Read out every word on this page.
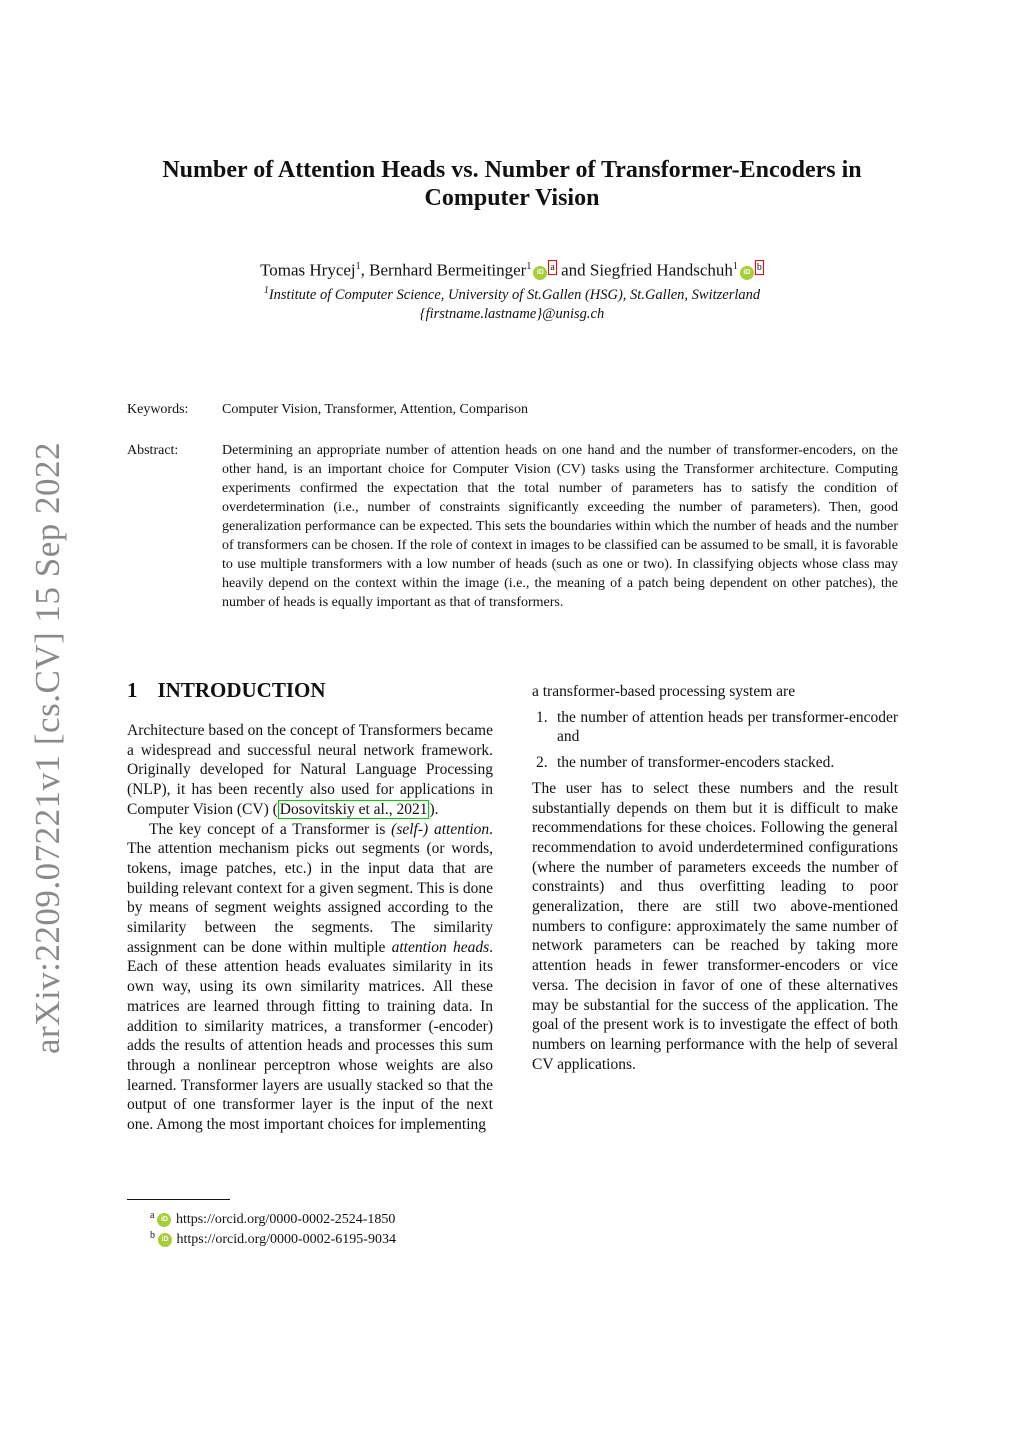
arXiv:2209.07221v1 [cs.CV] 15 Sep 2022
Number of Attention Heads vs. Number of Transformer-Encoders in Computer Vision
Tomas Hrycej$^1$, Bernhard Bermeitinger$^1$iD a and Siegfried Handschuh$^1$iD b
$^1$Institute of Computer Science, University of St.Gallen (HSG), St.Gallen, Switzerland
{firstname.lastname}@unisg.ch
Keywords: Computer Vision, Transformer, Attention, Comparison
Abstract:	Determining an appropriate number of attention heads on one hand and the number of transformer-encoders, on the other hand, is an important choice for Computer Vision (CV) tasks using the Transformer architecture. Computing experiments confirmed the expectation that the total number of parameters has to satisfy the condition of overdetermination (i.e., number of constraints significantly exceeding the number of parameters). Then, good generalization performance can be expected. This sets the boundaries within which the number of heads and the number of transformers can be chosen. If the role of context in images to be classified can be assumed to be small, it is favorable to use multiple transformers with a low number of heads (such as one or two). In classifying objects whose class may heavily depend on the context within the image (i.e., the meaning of a patch being dependent on other patches), the number of heads is equally important as that of transformers.
1 INTRODUCTION

Architecture based on the concept of Transformers became a widespread and successful neural network framework. Originally developed for Natural Language Processing (NLP), it has been recently also used for applications in Computer Vision (CV) ( Dosovitskiy et al., 2021 ).

The key concept of a Transformer is (self-) attention. The attention mechanism picks out segments (or words, tokens, image patches, etc.) in the input data that are building relevant context for a given segment. This is done by means of segment weights assigned according to the similarity between the segments. The similarity assignment can be done within multiple attention heads. Each of these attention heads evaluates similarity in its own way, using its own similarity matrices. All these matrices are learned through fitting to training data. In addition to similarity matrices, a transformer (-encoder) adds the results of attention heads and processes this sum through a nonlinear perceptron whose weights are also learned. Transformer layers are usually stacked so that the output of one transformer layer is the input of the next one. Among the most important choices for implementing

a transformer-based processing system are

1. the number of attention heads per transformer-encoder and
2. the number of transformer-encoders stacked.

The user has to select these numbers and the result substantially depends on them but it is difficult to make recommendations for these choices. Following the general recommendation to avoid underdetermined configurations (where the number of parameters exceeds the number of constraints) and thus overfitting leading to poor generalization, there are still two above-mentioned numbers to configure: approximately the same number of network parameters can be reached by taking more attention heads in fewer transformer-encoders or vice versa. The decision in favor of one of these alternatives may be substantial for the success of the application. The goal of the present work is to investigate the effect of both numbers on learning performance with the help of several CV applications.

$^a$ iD https://orcid.org/0000-0002-2524-1850
$^b$ iD https://orcid.org/0000-0002-6195-9034
